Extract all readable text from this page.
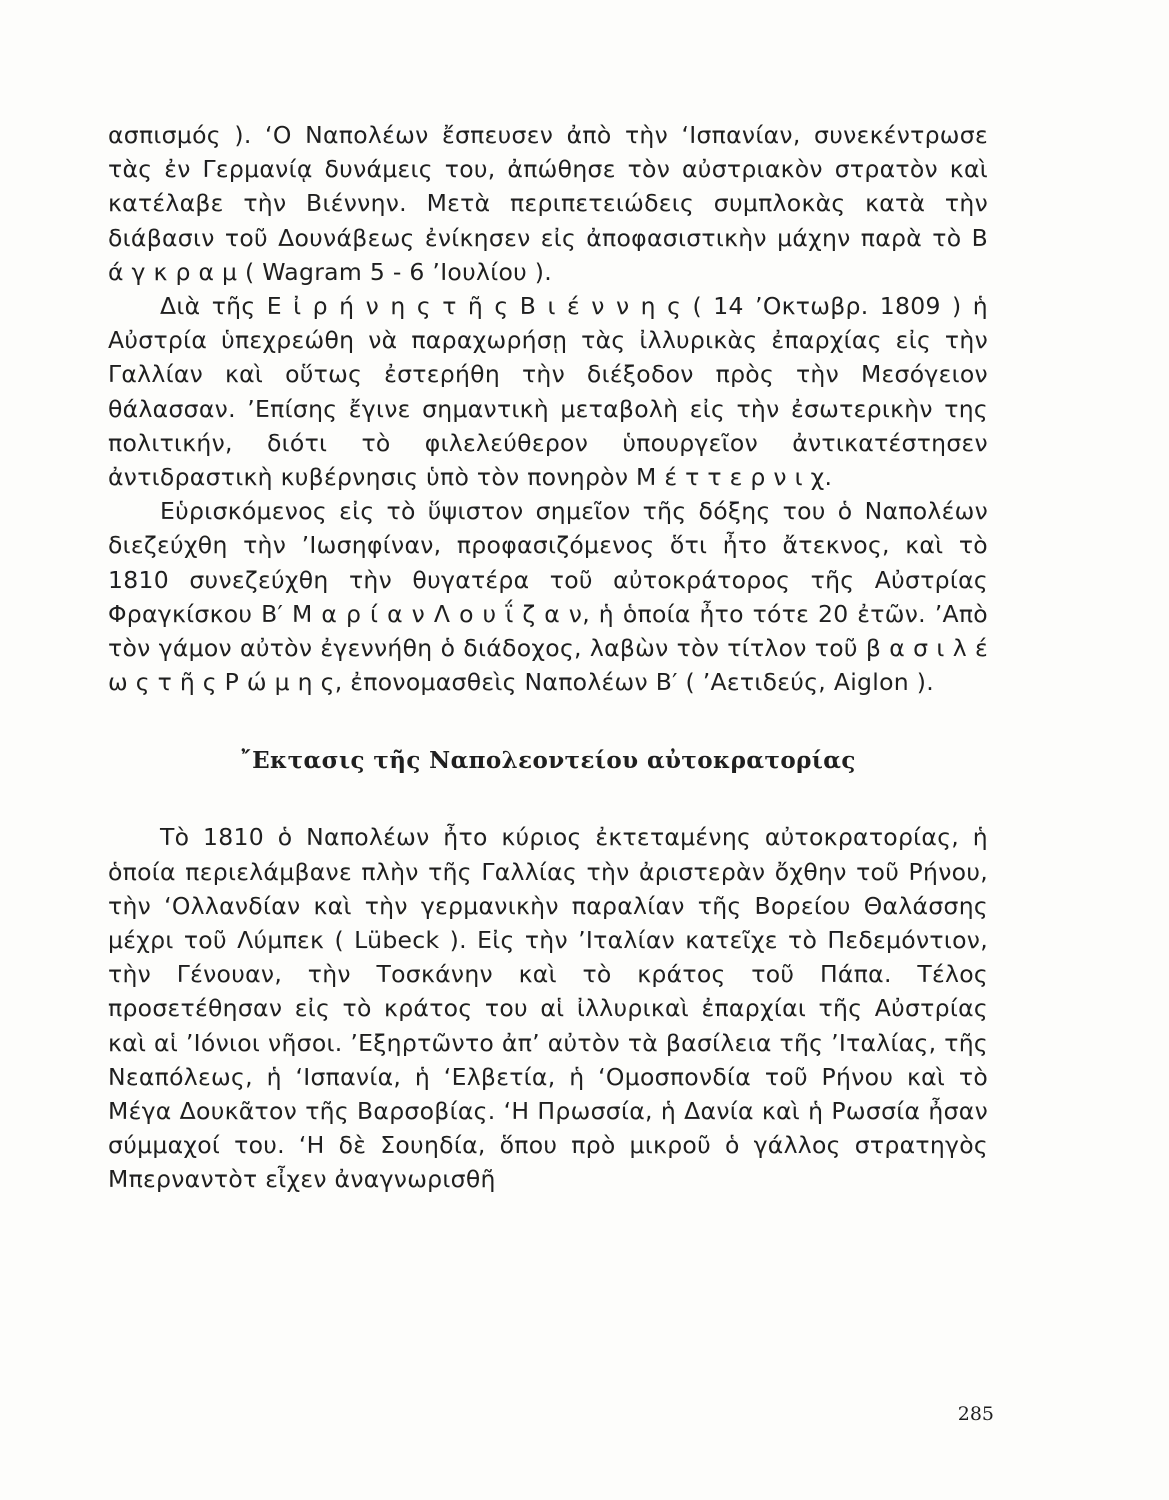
ασπισμός ). ‘Ο Ναπολέων ἔσπευσεν ἀπὸ τὴν ‘Ισπανίαν, συνεκέντρωσε τὰς ἐν Γερμανίᾳ δυνάμεις του, ἀπώθησε τὸν αὐστριακὸν στρατὸν καὶ κατέλαβε τὴν Βιέννην. Μετὰ περιπετειώδεις συμπλοκὰς κατὰ τὴν διάβασιν τοῦ Δουνάβεως ἐνίκησεν εἰς ἀποφασιστικὴν μάχην παρὰ τὸ Β ά γ κ ρ α μ ( Wagram 5 - 6 ’Ιουλίου ).

Διὰ τῆς Ε ἰ ρ ή ν η ς τ ῆ ς Β ι έ ν ν η ς ( 14 ’Οκτωβρ. 1809 ) ἡ Αὐστρία ὑπεχρεώθη νὰ παραχωρήσῃ τὰς ἰλλυρικὰς ἐπαρχίας εἰς τὴν Γαλλίαν καὶ οὕτως ἐστερήθη τὴν διέξοδον πρὸς τὴν Μεσόγειον θάλασσαν. ’Επίσης ἔγινε σημαντικὴ μεταβολὴ εἰς τὴν ἐσωτερικὴν της πολιτικήν, διότι τὸ φιλελεύθερον ὑπουργεῖον ἀντικατέστησεν ἀντιδραστικὴ κυβέρνησις ὑπὸ τὸν πονηρὸν Μ έ τ τ ε ρ ν ι χ.

Εὑρισκόμενος εἰς τὸ ὕψιστον σημεῖον τῆς δόξης του ὁ Ναπολέων διεζεύχθη τὴν ’Ιωσηφίναν, προφασιζόμενος ὅτι ἦτο ἄτεκνος, καὶ τὸ 1810 συνεζεύχθη τὴν θυγατέρα τοῦ αὐτοκράτορος τῆς Αὐστρίας Φραγκίσκου Β′ Μ α ρ ί α ν Λ ο υ ΐ ζ α ν, ἡ ὁποία ἦτο τότε 20 ἐτῶν. ’Απὸ τὸν γάμον αὐτὸν ἐγεννήθη ὁ διάδοχος, λαβὼν τὸν τίτλον τοῦ β α σ ι λ έ ω ς τ ῆ ς Ρ ώ μ η ς, ἐπονομασθεὶς Ναπολέων Β′ ( ’Αετιδεύς, Aiglon ).

῎Εκτασις τῆς Ναπολεοντείου αὐτοκρατορίας

Τὸ 1810 ὁ Ναπολέων ἦτο κύριος ἐκτεταμένης αὐτοκρατορίας, ἡ ὁποία περιελάμβανε πλὴν τῆς Γαλλίας τὴν ἀριστερὰν ὄχθην τοῦ Ρήνου, τὴν ‘Ολλανδίαν καὶ τὴν γερμανικὴν παραλίαν τῆς Βορείου Θαλάσσης μέχρι τοῦ Λύμπεκ ( Lübeck ). Εἰς τὴν ’Ιταλίαν κατεῖχε τὸ Πεδεμόντιον, τὴν Γένουαν, τὴν Τοσκάνην καὶ τὸ κράτος τοῦ Πάπα. Τέλος προσετέθησαν εἰς τὸ κράτος του αἱ ἰλλυρικαὶ ἐπαρχίαι τῆς Αὐστρίας καὶ αἱ ’Ιόνιοι νῆσοι. ’Εξηρτῶντο ἀπ’ αὐτὸν τὰ βασίλεια τῆς ’Ιταλίας, τῆς Νεαπόλεως, ἡ ‘Ισπανία, ἡ ‘Ελβετία, ἡ ‘Ομοσπονδία τοῦ Ρήνου καὶ τὸ Μέγα Δουκᾶτον τῆς Βαρσοβίας. ‘Η Πρωσσία, ἡ Δανία καὶ ἡ Ρωσσία ἦσαν σύμμαχοί του. ‘Η δὲ Σουηδία, ὅπου πρὸ μικροῦ ὁ γάλλος στρατηγὸς Μπερναντὸτ εἶχεν ἀναγνωρισθῆ

285
